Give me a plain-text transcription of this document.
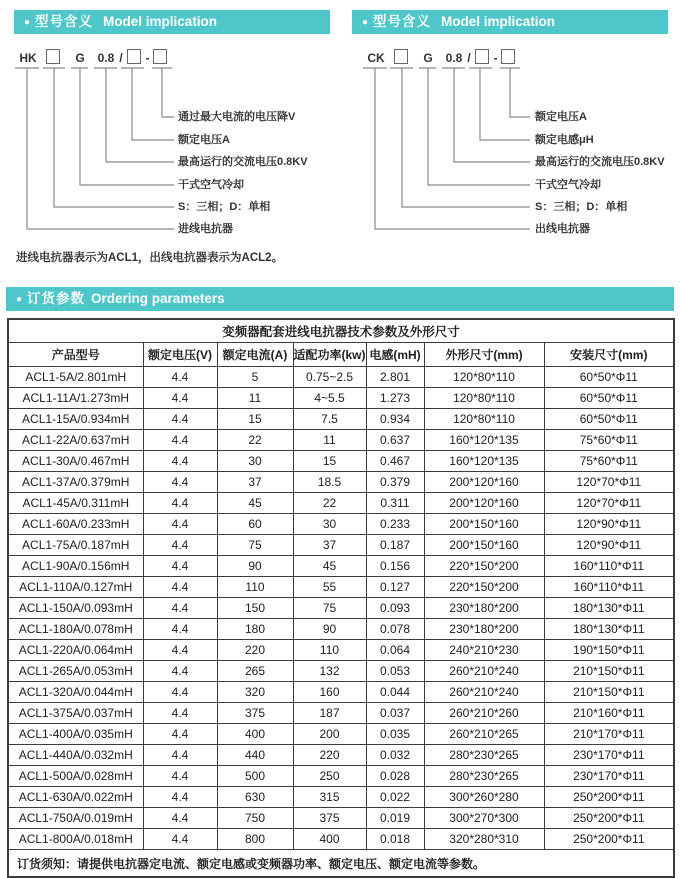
● 型号含义 Model implication	● 型号含义 Model implication
HK	G	0.8 / -
通过最大电流的电压降V
额定电压A
最高运行的交流电压0.8KV
干式空气冷却
S：三相；D：单相
进线电抗器
CK	G	0.8 / -
额定电压A
额定电感μH
最高运行的交流电压0.8KV
干式空气冷却
S：三相；D：单相
出线电抗器
进线电抗器表示为ACL1，出线电抗器表示为ACL2。
● 订货参数 Ordering parameters
变频器配套进线电抗器技术参数及外形尺寸						
产品型号	额定电压(V)	额定电流(A)	适配功率(kw)	电感(mH)	外形尺寸(mm)	安装尺寸(mm)
ACL1-5A/2.801mH	4.4	5	0.75~2.5	2.801	120*80*110	60*50*Φ11
ACL1-11A/1.273mH	4.4	11	4~5.5	1.273	120*80*110	60*50*Φ11
ACL1-15A/0.934mH	4.4	15	7.5	0.934	120*80*110	60*50*Φ11
ACL1-22A/0.637mH	4.4	22	11	0.637	160*120*135	75*60*Φ11
ACL1-30A/0.467mH	4.4	30	15	0.467	160*120*135	75*60*Φ11
ACL1-37A/0.379mH	4.4	37	18.5	0.379	200*120*160	120*70*Φ11
ACL1-45A/0.311mH	4.4	45	22	0.311	200*120*160	120*70*Φ11
ACL1-60A/0.233mH	4.4	60	30	0.233	200*150*160	120*90*Φ11
ACL1-75A/0.187mH	4.4	75	37	0.187	200*150*160	120*90*Φ11
ACL1-90A/0.156mH	4.4	90	45	0.156	220*150*200	160*110*Φ11
ACL1-110A/0.127mH	4.4	110	55	0.127	220*150*200	160*110*Φ11
ACL1-150A/0.093mH	4.4	150	75	0.093	230*180*200	180*130*Φ11
ACL1-180A/0.078mH	4.4	180	90	0.078	230*180*200	180*130*Φ11
ACL1-220A/0.064mH	4.4	220	110	0.064	240*210*230	190*150*Φ11
ACL1-265A/0.053mH	4.4	265	132	0.053	260*210*240	210*150*Φ11
ACL1-320A/0.044mH	4.4	320	160	0.044	260*210*240	210*150*Φ11
ACL1-375A/0.037mH	4.4	375	187	0.037	260*210*260	210*160*Φ11
ACL1-400A/0.035mH	4.4	400	200	0.035	260*210*265	210*170*Φ11
ACL1-440A/0.032mH	4.4	440	220	0.032	280*230*265	230*170*Φ11
ACL1-500A/0.028mH	4.4	500	250	0.028	280*230*265	230*170*Φ11
ACL1-630A/0.022mH	4.4	630	315	0.022	300*260*280	250*200*Φ11
ACL1-750A/0.019mH	4.4	750	375	0.019	300*270*300	250*200*Φ11
ACL1-800A/0.018mH	4.4	800	400	0.018	320*280*310	250*200*Φ11
订货须知：请提供电抗器定电流、额定电感或变频器功率、额定电压、额定电流等参数。						
